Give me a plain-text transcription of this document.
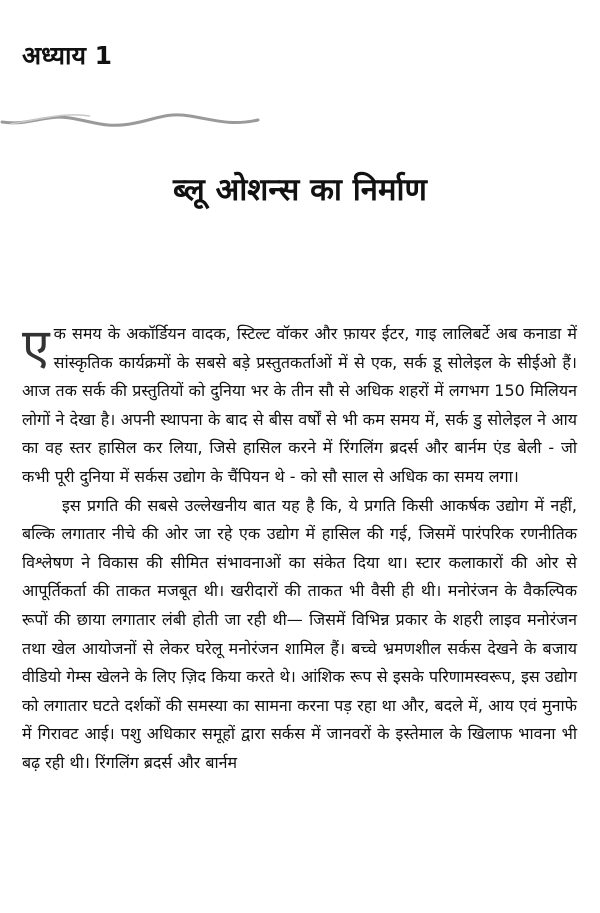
अध्याय 1
ब्लू ओशन्स का निर्माण

एक समय के अकॉर्डियन वादक, स्टिल्ट वॉकर और फ़ायर ईटर, गाइ लालिबर्टे अब कनाडा में सांस्कृतिक कार्यक्रमों के सबसे बड़े प्रस्तुतकर्ताओं में से एक, सर्क डू सोलेइल के सीईओ हैं। आज तक सर्क की प्रस्तुतियों को दुनिया भर के तीन सौ से अधिक शहरों में लगभग 150 मिलियन लोगों ने देखा है। अपनी स्थापना के बाद से बीस वर्षों से भी कम समय में, सर्क डु सोलेइल ने आय का वह स्तर हासिल कर लिया, जिसे हासिल करने में रिंगलिंग ब्रदर्स और बार्नम एंड बेली - जो कभी पूरी दुनिया में सर्कस उद्योग के चैंपियन थे - को सौ साल से अधिक का समय लगा।

इस प्रगति की सबसे उल्लेखनीय बात यह है कि, ये प्रगति किसी आकर्षक उद्योग में नहीं, बल्कि लगातार नीचे की ओर जा रहे एक उद्योग में हासिल की गई, जिसमें पारंपरिक रणनीतिक विश्लेषण ने विकास की सीमित संभावनाओं का संकेत दिया था। स्टार कलाकारों की ओर से आपूर्तिकर्ता की ताकत मजबूत थी। खरीदारों की ताकत भी वैसी ही थी। मनोरंजन के वैकल्पिक रूपों की छाया लगातार लंबी होती जा रही थी— जिसमें विभिन्न प्रकार के शहरी लाइव मनोरंजन तथा खेल आयोजनों से लेकर घरेलू मनोरंजन शामिल हैं। बच्चे भ्रमणशील सर्कस देखने के बजाय वीडियो गेम्स खेलने के लिए ज़िद किया करते थे। आंशिक रूप से इसके परिणामस्वरूप, इस उद्योग को लगातार घटते दर्शकों की समस्या का सामना करना पड़ रहा था और, बदले में, आय एवं मुनाफे में गिरावट आई। पशु अधिकार समूहों द्वारा सर्कस में जानवरों के इस्तेमाल के खिलाफ भावना भी बढ़ रही थी। रिंगलिंग ब्रदर्स और बार्नम
